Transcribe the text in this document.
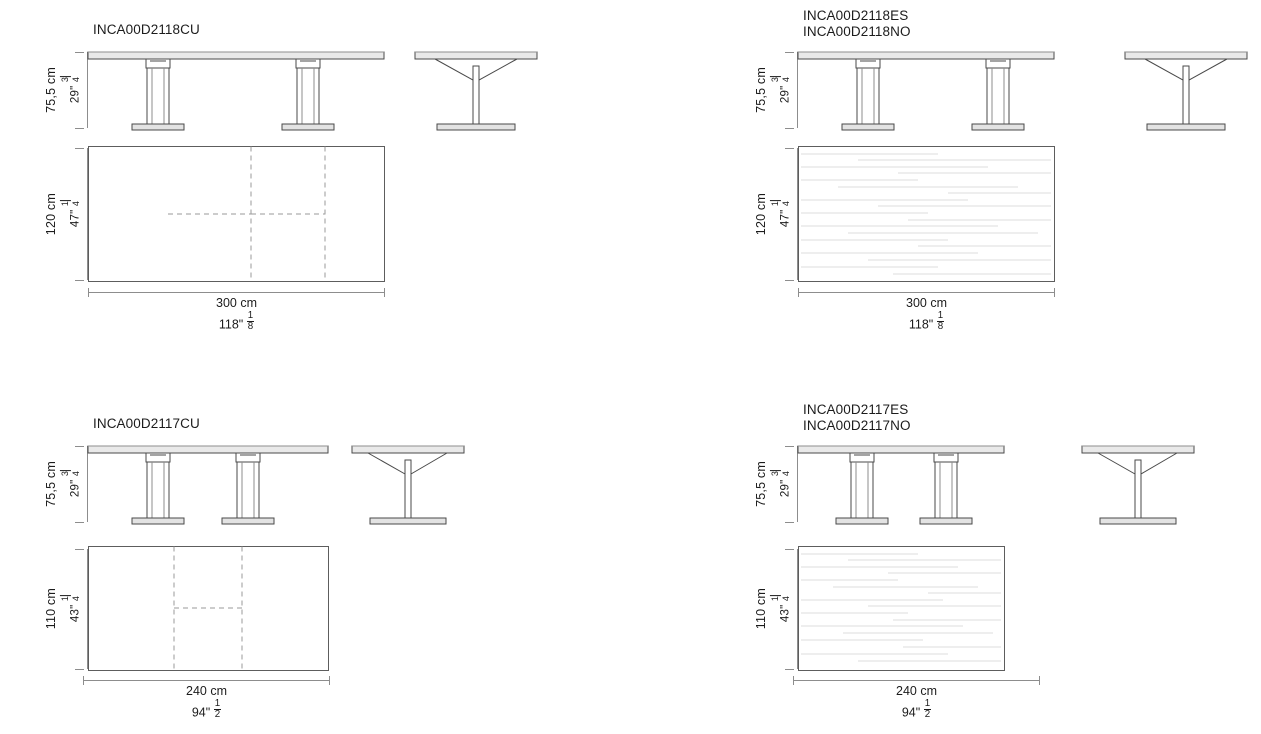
INCA00D2118CU
75,5 cm	29"
3 4
120 cm	47"
1 4
300 cm
118" $\frac{1}{8}$
INCA00D2118ES
INCA00D2118NO
75,5 cm	29"
3 4
120 cm	47"
1 4
300 cm
118" $\frac{1}{8}$
INCA00D2117CU
75,5 cm	29"
3 4
110 cm	43"
1 4
240 cm
94" $\frac{1}{2}$
INCA00D2117ES
INCA00D2117NO
75,5 cm	29"
3 4
110 cm	43"
1 4
240 cm
94" $\frac{1}{2}$
